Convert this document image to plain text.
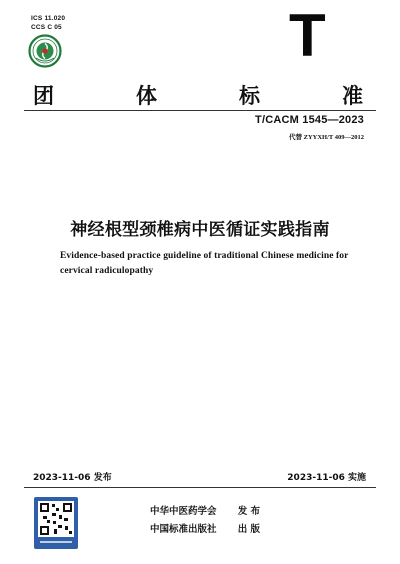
ICS 11.020
CCS C 05	T
团	体	标	准
T/CACM 1545—2023
代替 ZYYXH/T 409—2012
神经根型颈椎病中医循证实践指南
Evidence-based practice guideline of traditional Chinese medicine for
cervical radiculopathy
2023-11-06 发布	2023-11-06 实施
中华中医药学会 发 布
中国标准出版社 出 版
